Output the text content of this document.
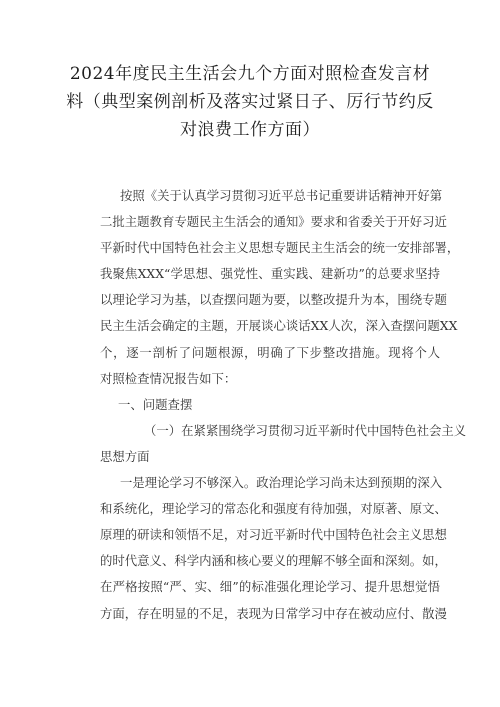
2024年度民主生活会九个方面对照检查发言材
料（典型案例剖析及落实过紧日子、厉行节约反
对浪费工作方面）
按照《关于认真学习贯彻习近平总书记重要讲话精神开好第
二批主题教育专题民主生活会的通知》要求和省委关于开好习近
平新时代中国特色社会主义思想专题民主生活会的统一安排部署，
我聚焦XXX“学思想、强党性、重实践、建新功”的总要求坚持
以理论学习为基，以查摆问题为要，以整改提升为本，围绕专题
民主生活会确定的主题，开展谈心谈话XX人次，深入查摆问题XX
个，逐一剖析了问题根源，明确了下步整改措施。现将个人
对照检查情况报告如下：
一、问题查摆
（一）在紧紧围绕学习贯彻习近平新时代中国特色社会主义
思想方面
一是理论学习不够深入。政治理论学习尚未达到预期的深入
和系统化，理论学习的常态化和强度有待加强，对原著、原文、
原理的研读和领悟不足，对习近平新时代中国特色社会主义思想
的时代意义、科学内涵和核心要义的理解不够全面和深刻。如，
在严格按照“严、实、细”的标准强化理论学习、提升思想觉悟
方面，存在明显的不足，表现为日常学习中存在被动应付、散漫
